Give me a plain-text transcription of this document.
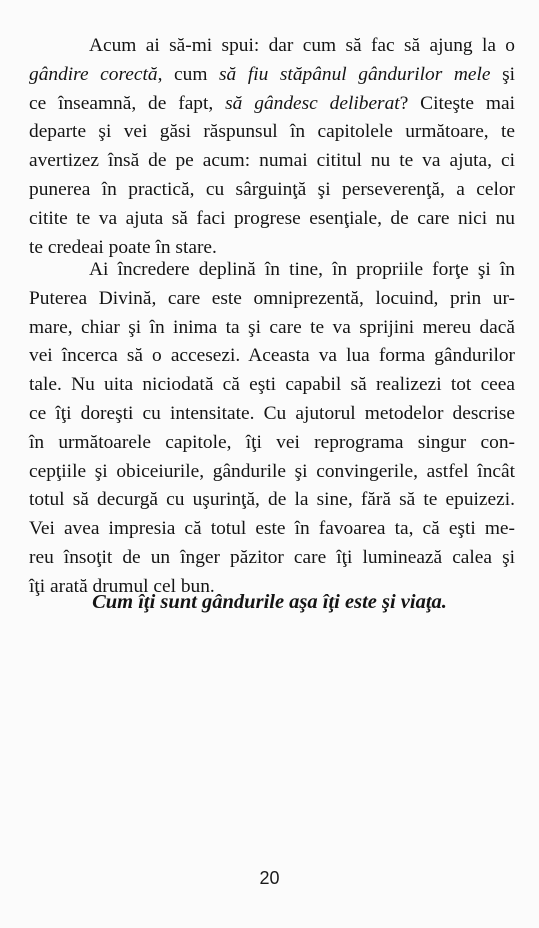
Acum ai să-mi spui: dar cum să fac să ajung la o
gândire corectă, cum să fiu stăpânul gândurilor mele şi
ce înseamnă, de fapt, să gândesc deliberat? Citeşte mai
departe şi vei găsi răspunsul în capitolele următoare, te
avertizez însă de pe acum: numai cititul nu te va ajuta, ci
punerea în practică, cu sârguinţă şi perseverenţă, a celor
citite te va ajuta să faci progrese esenţiale, de care nici nu
te credeai poate în stare.
Ai încredere deplină în tine, în propriile forţe şi în
Puterea Divină, care este omniprezentă, locuind, prin ur-
mare, chiar şi în inima ta şi care te va sprijini mereu dacă
vei încerca să o accesezi. Aceasta va lua forma gândurilor
tale. Nu uita niciodată că eşti capabil să realizezi tot ceea
ce îţi doreşti cu intensitate. Cu ajutorul metodelor descrise
în următoarele capitole, îţi vei reprograma singur con-
cepţiile şi obiceiurile, gândurile şi convingerile, astfel încât
totul să decurgă cu uşurinţă, de la sine, fără să te epuizezi.
Vei avea impresia că totul este în favoarea ta, că eşti me-
reu însoţit de un înger păzitor care îţi luminează calea şi
îţi arată drumul cel bun.
Cum îţi sunt gândurile aşa îţi este şi viaţa.
20
